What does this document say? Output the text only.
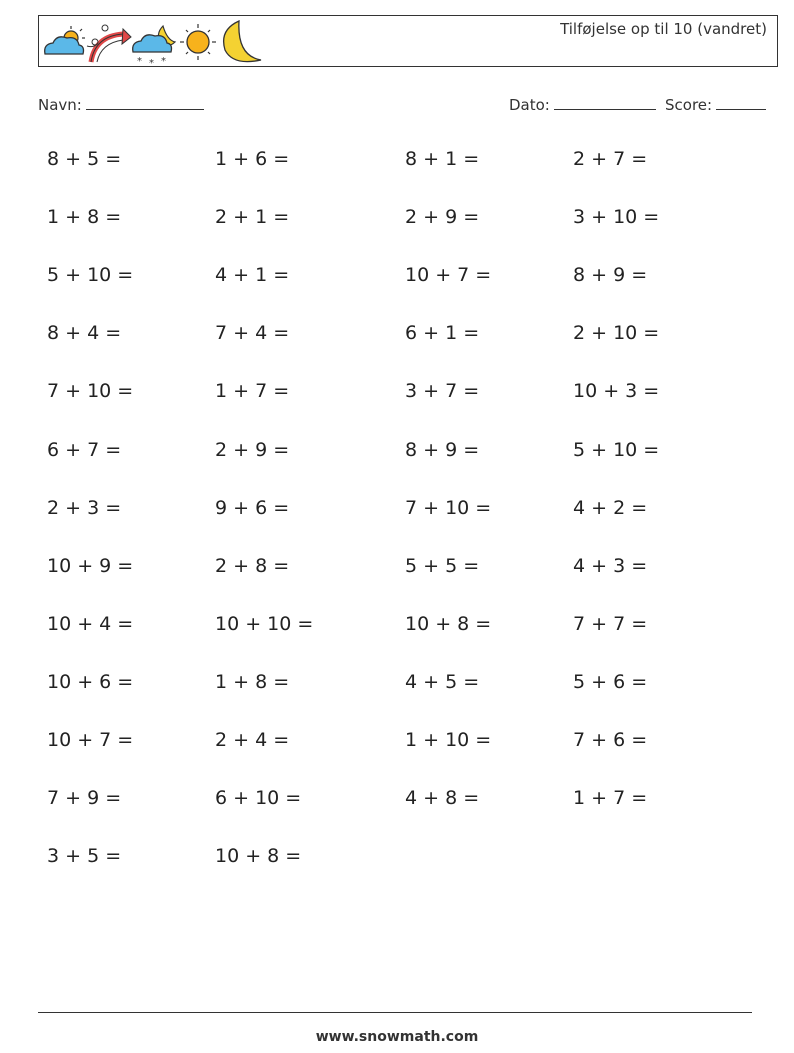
* * *
Tilføjelse op til 10 (vandret)
Navn:	Dato:	Score:
8 + 5 =	1 + 6 =	8 + 1 =	2 + 7 =
1 + 8 =	2 + 1 =	2 + 9 =	3 + 10 =
5 + 10 =	4 + 1 =	10 + 7 =	8 + 9 =
8 + 4 =	7 + 4 =	6 + 1 =	2 + 10 =
7 + 10 =	1 + 7 =	3 + 7 =	10 + 3 =
6 + 7 =	2 + 9 =	8 + 9 =	5 + 10 =
2 + 3 =	9 + 6 =	7 + 10 =	4 + 2 =
10 + 9 =	2 + 8 =	5 + 5 =	4 + 3 =
10 + 4 =	10 + 10 =	10 + 8 =	7 + 7 =
10 + 6 =	1 + 8 =	4 + 5 =	5 + 6 =
10 + 7 =	2 + 4 =	1 + 10 =	7 + 6 =
7 + 9 =	6 + 10 =	4 + 8 =	1 + 7 =
3 + 5 =	10 + 8 =
www.snowmath.com
